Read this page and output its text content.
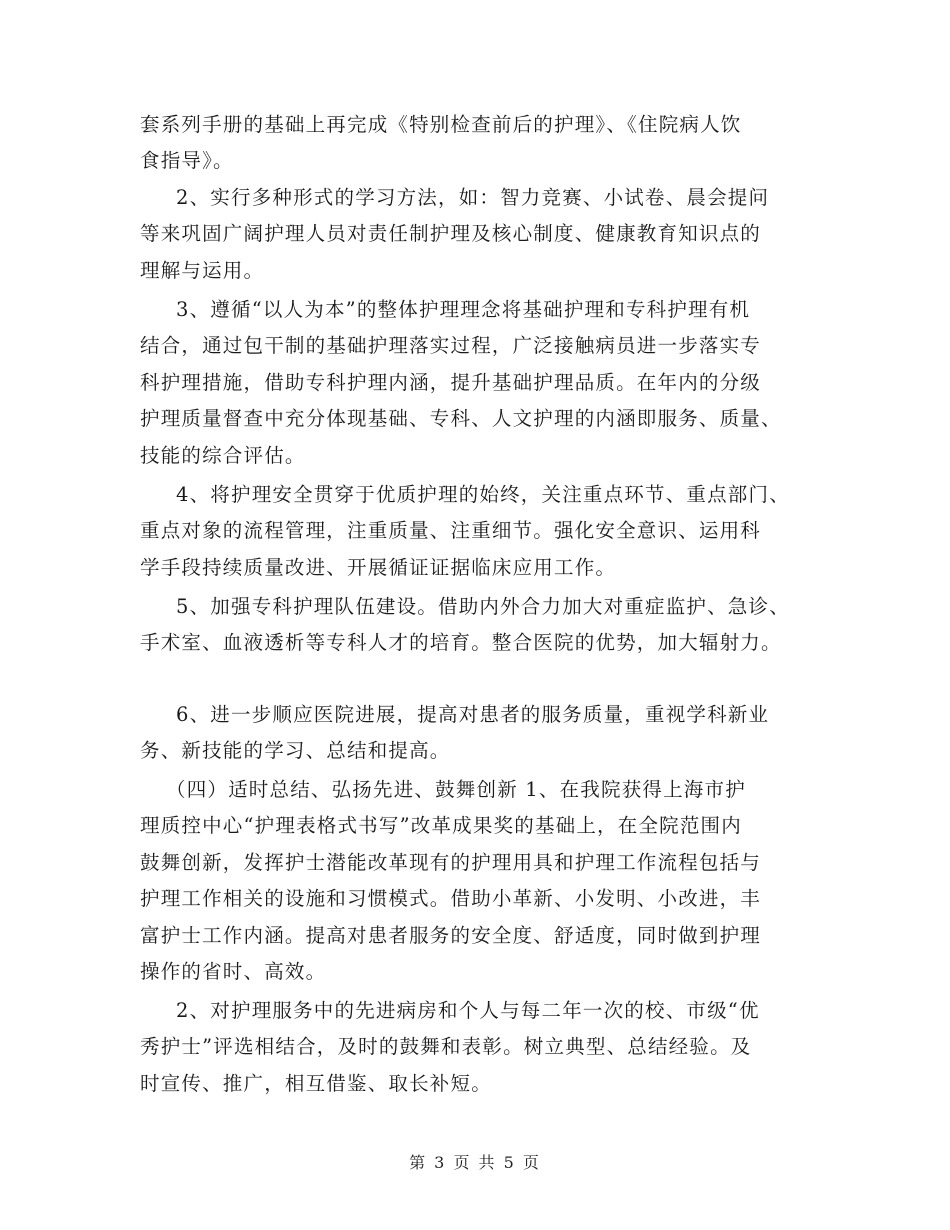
套系列手册的基础上再完成《特别检查前后的护理》、《住院病人饮
食指导》。
2、实行多种形式的学习方法，如：智力竞赛、小试卷、晨会提问
等来巩固广阔护理人员对责任制护理及核心制度、健康教育知识点的
理解与运用。
3、遵循“以人为本”的整体护理理念将基础护理和专科护理有机
结合，通过包干制的基础护理落实过程，广泛接触病员进一步落实专
科护理措施，借助专科护理内涵，提升基础护理品质。在年内的分级
护理质量督查中充分体现基础、专科、人文护理的内涵即服务、质量、
技能的综合评估。
4、将护理安全贯穿于优质护理的始终，关注重点环节、重点部门、
重点对象的流程管理，注重质量、注重细节。强化安全意识、运用科
学手段持续质量改进、开展循证证据临床应用工作。
5、加强专科护理队伍建设。借助内外合力加大对重症监护、急诊、
手术室、血液透析等专科人才的培育。整合医院的优势，加大辐射力。
6、进一步顺应医院进展，提高对患者的服务质量，重视学科新业
务、新技能的学习、总结和提高。
（四）适时总结、弘扬先进、鼓舞创新 1、在我院获得上海市护
理质控中心“护理表格式书写”改革成果奖的基础上，在全院范围内
鼓舞创新，发挥护士潜能改革现有的护理用具和护理工作流程包括与
护理工作相关的设施和习惯模式。借助小革新、小发明、小改进，丰
富护士工作内涵。提高对患者服务的安全度、舒适度，同时做到护理
操作的省时、高效。
2、对护理服务中的先进病房和个人与每二年一次的校、市级“优
秀护士”评选相结合，及时的鼓舞和表彰。树立典型、总结经验。及
时宣传、推广，相互借鉴、取长补短。
第 3 页 共 5 页
